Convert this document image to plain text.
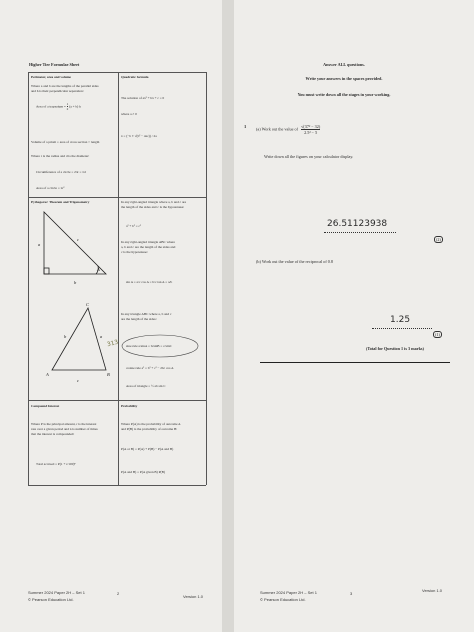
Higher Tier Formulae Sheet
Perimeter, area and volume
Where a and b are the lengths of the parallel sides
and h is their perpendicular separation:
Area of a trapezium = $\frac{1}{2} (a + b)$ h
Volume of a prism = area of cross section × length
Where r is the radius and d is the diameter:
Circumference of a circle = 2πr = πd
Area of a circle = πr²
Quadratic formula
The solution of ax² + bx + c = 0
where a ≠ 0
x = (−b ± √(b² − 4ac)) / 2a
Pythagoras' Theorem and Trigonometry
a
c
b
A
C
b	a
A	B
c
313
In any right-angled triangle where a, b and c are
the length of the sides and c is the hypotenuse:
a² + b² = c²
In any right-angled triangle ABC where
a, b and c are the length of the sides and
c is the hypotenuse:
sin A = a/c cos A = b/c tan A = a/b
In any triangle ABC where a, b and c
are the length of the sides:
sine rule a/sinA = b/sinB = c/sinC
cosine rule a² = b² + c² − 2bc cos A
Area of triangle = ½ ab sin C
Compound Interest
Where P is the principal amount, r is the interest
rate over a given period and n is number of times
that the interest is compounded:
Total accrued = P(1 + r/100)ⁿ
Probability
Where P(A) is the probability of outcome A
and P(B) is the probability of outcome B:
P(A or B) = P(A) + P(B) − P(A and B)
P(A and B) = P(A given B) P(B)
Summer 2024 Paper 2H – Set 1
© Pearson Education Ltd.
2
Version 1.0
Answer ALL questions.
Write your answers in the spaces provided.
You must write down all the stages in your working.
1 (a) Work out the value of $\frac{\text{√(37² − 32)}}{\text{2.5² − 5}}$
Write down all the figures on your calculator display.
26.51123938
(2)
(b) Work out the value of the reciprocal of 0.8
1.25
(1)
(Total for Question 1 is 3 marks)
Summer 2024 Paper 2H – Set 1
© Pearson Education Ltd.
3
Version 1.0
